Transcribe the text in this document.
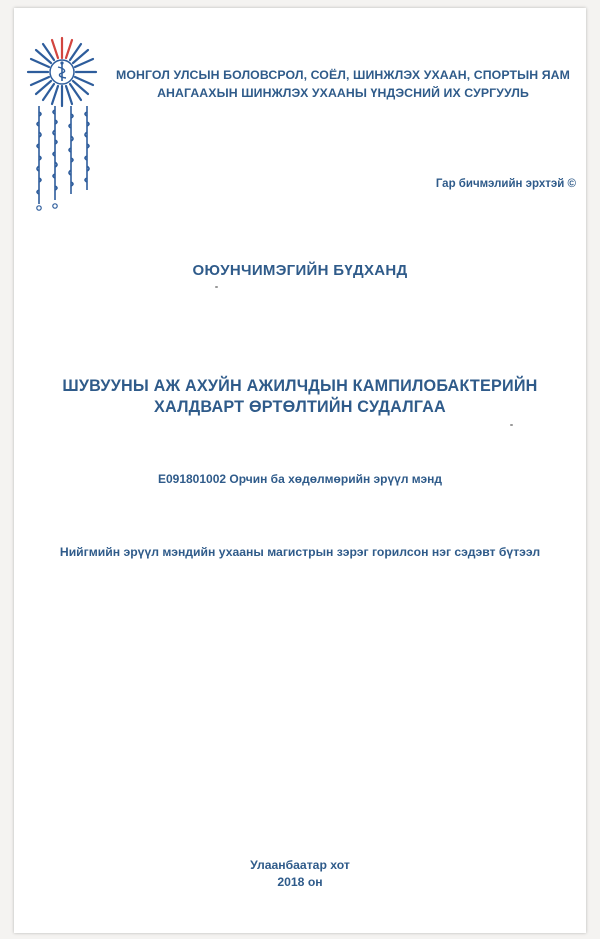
МОНГОЛ УЛСЫН БОЛОВСРОЛ, СОЁЛ, ШИНЖЛЭХ УХААН, СПОРТЫН ЯАМ
АНАГААХЫН ШИНЖЛЭХ УХААНЫ ҮНДЭСНИЙ ИХ СУРГУУЛЬ
Гар бичмэлийн эрхтэй ©
ОЮУНЧИМЭГИЙН БҮДХАНД
ШУВУУНЫ АЖ АХУЙН АЖИЛЧДЫН КАМПИЛОБАКТЕРИЙН
ХАЛДВАРТ ӨРТӨЛТИЙН СУДАЛГАА
E091801002 Орчин ба хөдөлмөрийн эрүүл мэнд
Нийгмийн эрүүл мэндийн ухааны магистрын зэрэг горилсон нэг сэдэвт бүтээл
Улаанбаатар хот
2018 он
